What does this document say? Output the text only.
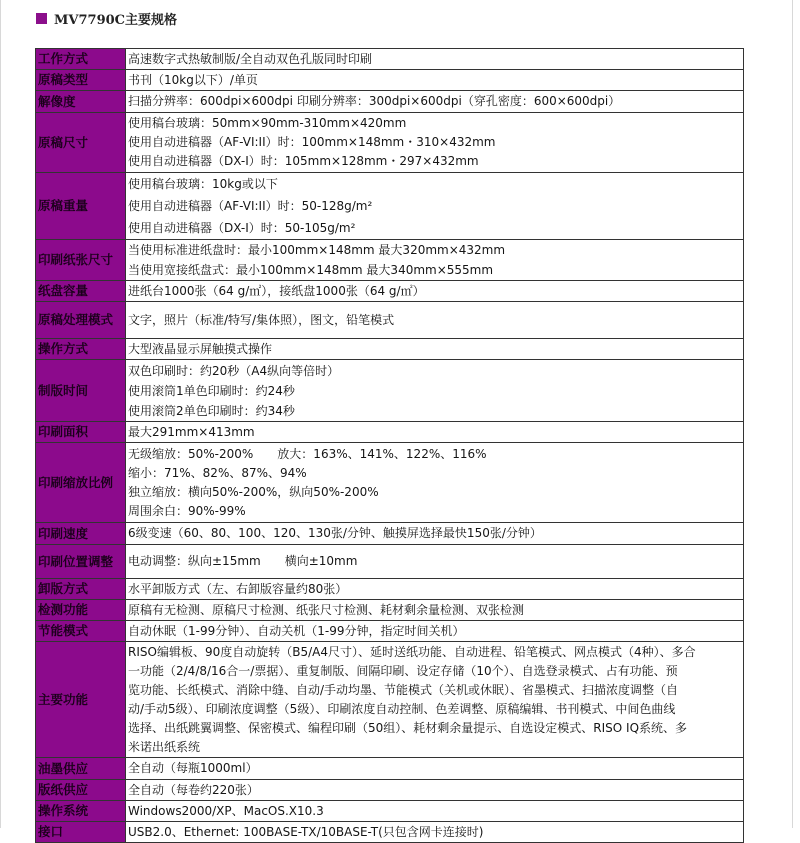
MV7790C主要规格
工作方式	高速数字式热敏制版/全自动双色孔版同时印刷

原稿类型	书刊（10kg以下）/单页

解像度	扫描分辨率：600dpi×600dpi 印刷分辨率：300dpi×600dpi（穿孔密度：600×600dpi）

原稿尺寸	使用稿台玻璃：50mm×90mm-310mm×420mm
使用自动进稿器（AF-VI:II）时：100mm×148mm・310×432mm
使用自动进稿器（DX-I）时：105mm×128mm・297×432mm

原稿重量	使用稿台玻璃：10kg或以下
使用自动进稿器（AF-VI:II）时：50-128g/m²
使用自动进稿器（DX-I）时：50-105g/m²

印刷纸张尺寸	当使用标准进纸盘时：最小100mm×148mm 最大320mm×432mm
当使用宽接纸盘式：最小100mm×148mm 最大340mm×555mm

纸盘容量	进纸台1000张（64 g/㎡），接纸盘1000张（64 g/㎡）

原稿处理模式	文字，照片（标准/特写/集体照），图文，铅笔模式

操作方式	大型液晶显示屏触摸式操作

制版时间	双色印刷时：约20秒（A4纵向等倍时）
使用滚筒1单色印刷时：约24秒
使用滚筒2单色印刷时：约34秒

印刷面积	最大291mm×413mm

印刷缩放比例	无级缩放：50%-200%　　放大：163%、141%、122%、116%
缩小：71%、82%、87%、94%
独立缩放：横向50%-200%，纵向50%-200%
周围余白：90%-99%

印刷速度	6级变速（60、80、100、120、130张/分钟、触摸屏选择最快150张/分钟）

印刷位置调整	电动调整：纵向±15mm　　横向±10mm

卸版方式	水平卸版方式（左、右卸版容量约80张）

检测功能	原稿有无检测、原稿尺寸检测、纸张尺寸检测、耗材剩余量检测、双张检测

节能模式	自动休眠（1-99分钟）、自动关机（1-99分钟，指定时间关机）

主要功能	
RISO编辑板、90度自动旋转（B5/A4尺寸）、延时送纸功能、自动进程、铅笔模式、网点模式（4种）、多合
一功能（2/4/8/16合一/票据）、重复制版、间隔印刷、设定存储（10个）、自选登录模式、占有功能、预
览功能、长纸模式、消除中缝、自动/手动均墨、节能模式（关机或休眠）、省墨模式、扫描浓度调整（自
动/手动5级）、印刷浓度调整（5级）、印刷浓度自动控制、色差调整、原稿编辑、书刊模式、中间色曲线
选择、出纸跳翼调整、保密模式、编程印刷（50组）、耗材剩余量提示、自选设定模式、RISO IQ系统、多
米诺出纸系统

油墨供应	全自动（每瓶1000ml）

版纸供应	全自动（每卷约220张）

操作系统	Windows2000/XP、MacOS.X10.3

接口	USB2.0、Ethernet: 100BASE-TX/10BASE-T(只包含网卡连接时)
